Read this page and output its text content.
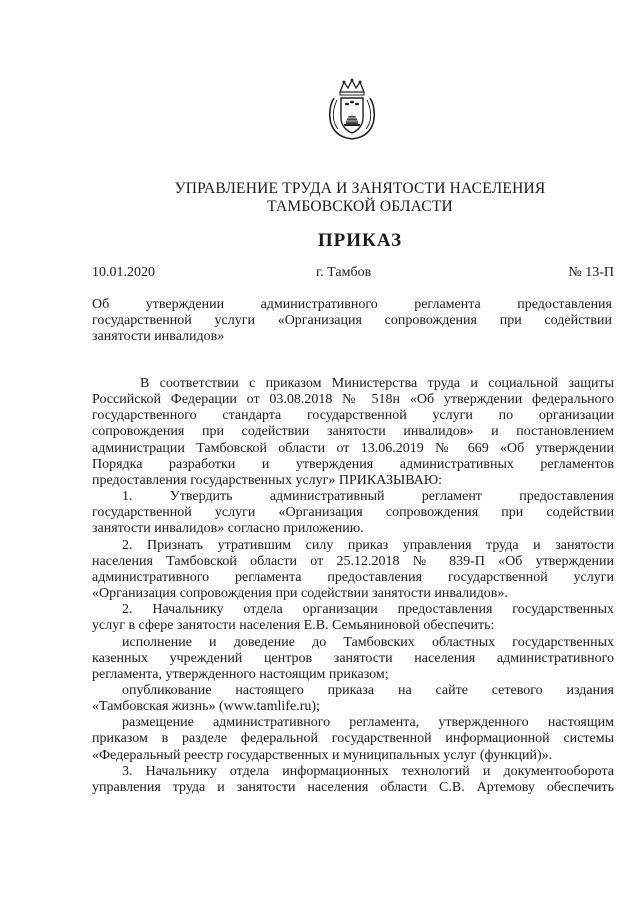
УПРАВЛЕНИЕ ТРУДА И ЗАНЯТОСТИ НАСЕЛЕНИЯ
ТАМБОВСКОЙ ОБЛАСТИ
ПРИКАЗ
10.01.2020	г. Тамбов	№ 13-П
Об утверждении административного регламента предоставления
государственной услуги «Организация сопровождения при содействии
занятости инвалидов»
В соответствии с приказом Министерства труда и социальной защиты
Российской Федерации от 03.08.2018 № 518н «Об утверждении федерального
государственного стандарта государственной услуги по организации
сопровождения при содействии занятости инвалидов» и постановлением
администрации Тамбовской области от 13.06.2019 № 669 «Об утверждении
Порядка разработки и утверждения административных регламентов
предоставления государственных услуг» ПРИКАЗЫВАЮ:
1. Утвердить административный регламент предоставления
государственной услуги «Организация сопровождения при содействии
занятости инвалидов» согласно приложению.
2. Признать утратившим силу приказ управления труда и занятости
населения Тамбовской области от 25.12.2018 № 839-П «Об утверждении
административного регламента предоставления государственной услуги
«Организация сопровождения при содействии занятости инвалидов».
2. Начальнику отдела организации предоставления государственных
услуг в сфере занятости населения Е.В. Семьяниновой обеспечить:
исполнение и доведение до Тамбовских областных государственных
казенных учреждений центров занятости населения административного
регламента, утвержденного настоящим приказом;
опубликование настоящего приказа на сайте сетевого издания
«Тамбовская жизнь» (www.tamlife.ru);
размещение административного регламента, утвержденного настоящим
приказом в разделе федеральной государственной информационной системы
«Федеральный реестр государственных и муниципальных услуг (функций)».
3. Начальнику отдела информационных технологий и документооборота
управления труда и занятости населения области С.В. Артемову обеспечить
